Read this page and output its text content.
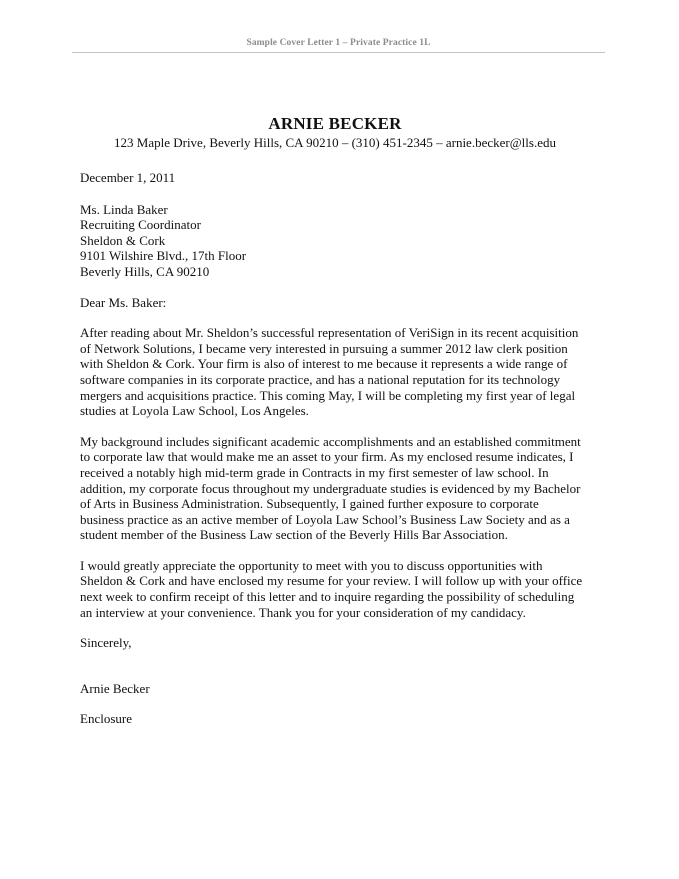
Sample Cover Letter 1 – Private Practice 1L
ARNIE BECKER
123 Maple Drive, Beverly Hills, CA 90210 – (310) 451-2345 – arnie.becker@lls.edu
December 1, 2011
Ms. Linda Baker
Recruiting Coordinator
Sheldon & Cork
9101 Wilshire Blvd., 17th Floor
Beverly Hills, CA 90210
Dear Ms. Baker:
After reading about Mr. Sheldon’s successful representation of VeriSign in its recent acquisition
of Network Solutions, I became very interested in pursuing a summer 2012 law clerk position
with Sheldon & Cork. Your firm is also of interest to me because it represents a wide range of
software companies in its corporate practice, and has a national reputation for its technology
mergers and acquisitions practice. This coming May, I will be completing my first year of legal
studies at Loyola Law School, Los Angeles.
My background includes significant academic accomplishments and an established commitment
to corporate law that would make me an asset to your firm. As my enclosed resume indicates, I
received a notably high mid-term grade in Contracts in my first semester of law school. In
addition, my corporate focus throughout my undergraduate studies is evidenced by my Bachelor
of Arts in Business Administration. Subsequently, I gained further exposure to corporate
business practice as an active member of Loyola Law School’s Business Law Society and as a
student member of the Business Law section of the Beverly Hills Bar Association.
I would greatly appreciate the opportunity to meet with you to discuss opportunities with
Sheldon & Cork and have enclosed my resume for your review. I will follow up with your office
next week to confirm receipt of this letter and to inquire regarding the possibility of scheduling
an interview at your convenience. Thank you for your consideration of my candidacy.
Sincerely,
Arnie Becker
Enclosure
